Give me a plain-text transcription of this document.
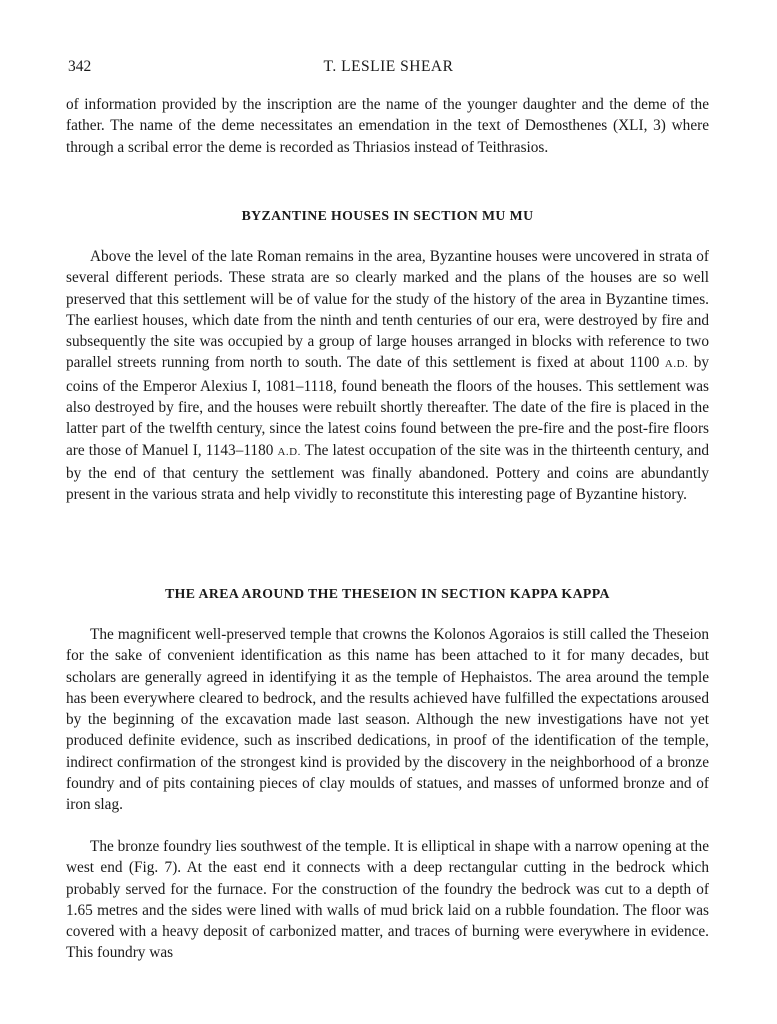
342	T. LESLIE SHEAR

of information provided by the inscription are the name of the younger daughter and the deme of the father. The name of the deme necessitates an emendation in the text of Demosthenes (XLI, 3) where through a scribal error the deme is recorded as Thriasios instead of Teithrasios.

BYZANTINE HOUSES IN SECTION MU MU

Above the level of the late Roman remains in the area, Byzantine houses were uncovered in strata of several different periods. These strata are so clearly marked and the plans of the houses are so well preserved that this settlement will be of value for the study of the history of the area in Byzantine times. The earliest houses, which date from the ninth and tenth centuries of our era, were destroyed by fire and subsequently the site was occupied by a group of large houses arranged in blocks with reference to two parallel streets running from north to south. The date of this settlement is fixed at about 1100 A.D. by coins of the Emperor Alexius I, 1081–1118, found beneath the floors of the houses. This settlement was also destroyed by fire, and the houses were rebuilt shortly thereafter. The date of the fire is placed in the latter part of the twelfth century, since the latest coins found between the pre-fire and the post-fire floors are those of Manuel I, 1143–1180 A.D. The latest occupation of the site was in the thirteenth century, and by the end of that century the settlement was finally abandoned. Pottery and coins are abundantly present in the various strata and help vividly to reconstitute this interesting page of Byzantine history.

THE AREA AROUND THE THESEION IN SECTION KAPPA KAPPA

The magnificent well-preserved temple that crowns the Kolonos Agoraios is still called the Theseion for the sake of convenient identification as this name has been attached to it for many decades, but scholars are generally agreed in identifying it as the temple of Hephaistos. The area around the temple has been everywhere cleared to bedrock, and the results achieved have fulfilled the expectations aroused by the beginning of the excavation made last season. Although the new investigations have not yet produced definite evidence, such as inscribed dedications, in proof of the identification of the temple, indirect confirmation of the strongest kind is provided by the discovery in the neighborhood of a bronze foundry and of pits containing pieces of clay moulds of statues, and masses of unformed bronze and of iron slag.

The bronze foundry lies southwest of the temple. It is elliptical in shape with a narrow opening at the west end (Fig. 7). At the east end it connects with a deep rectangular cutting in the bedrock which probably served for the furnace. For the construction of the foundry the bedrock was cut to a depth of 1.65 metres and the sides were lined with walls of mud brick laid on a rubble foundation. The floor was covered with a heavy deposit of carbonized matter, and traces of burning were everywhere in evidence. This foundry was
